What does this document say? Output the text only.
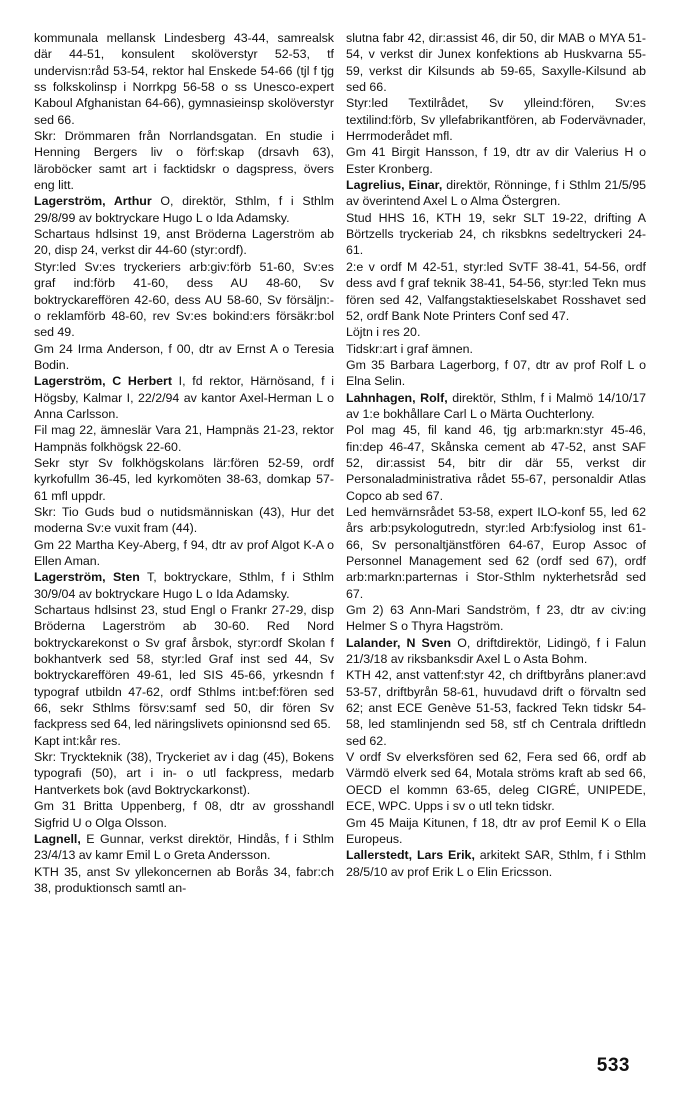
kommunala mellansk Lindesberg 43-44, samrealsk där 44-51, konsulent skolöverstyr 52-53, tf undervisn:råd 53-54, rektor hal Enskede 54-66 (tjl f tjg ss folkskolinsp i Norrkpg 56-58 o ss Unesco-expert Kaboul Afghanistan 64-66), gymnasieinsp skolöverstyr sed 66.

Skr: Drömmaren från Norrlandsgatan. En studie i Henning Bergers liv o förf:skap (drsavh 63), läroböcker samt art i facktidskr o dagspress, övers eng litt.

Lagerström, Arthur O, direktör, Sthlm, f i Sthlm 29/8/99 av boktryckare Hugo L o Ida Adamsky.

Schartaus hdlsinst 19, anst Bröderna Lagerström ab 20, disp 24, verkst dir 44-60 (styr:ordf).

Styr:led Sv:es tryckeriers arb:giv:förb 51-60, Sv:es graf ind:förb 41-60, dess AU 48-60, Sv boktryckareffören 42-60, dess AU 58-60, Sv försäljn:- o reklamförb 48-60, rev Sv:es bokind:ers försäkr:bol sed 49.

Gm 24 Irma Anderson, f 00, dtr av Ernst A o Teresia Bodin.

Lagerström, C Herbert I, fd rektor, Härnösand, f i Högsby, Kalmar I, 22/2/94 av kantor Axel-Herman L o Anna Carlsson.

Fil mag 22, ämneslär Vara 21, Hampnäs 21-23, rektor Hampnäs folkhögsk 22-60.

Sekr styr Sv folkhögskolans lär:fören 52-59, ordf kyrkofullm 36-45, led kyrkomöten 38-63, domkap 57-61 mfl uppdr.

Skr: Tio Guds bud o nutidsmänniskan (43), Hur det moderna Sv:e vuxit fram (44).

Gm 22 Martha Key-Aberg, f 94, dtr av prof Algot K-A o Ellen Aman.

Lagerström, Sten T, boktryckare, Sthlm, f i Sthlm 30/9/04 av boktryckare Hugo L o Ida Adamsky.

Schartaus hdlsinst 23, stud Engl o Frankr 27-29, disp Bröderna Lagerström ab 30-60. Red Nord boktryckarekonst o Sv graf årsbok, styr:ordf Skolan f bokhantverk sed 58, styr:led Graf inst sed 44, Sv boktryckareffören 49-61, led SIS 45-66, yrkesndn f typograf utbildn 47-62, ordf Sthlms int:bef:fören sed 66, sekr Sthlms försv:samf sed 50, dir fören Sv fackpress sed 64, led näringslivets opinionsnd sed 65.

Kapt int:kår res.

Skr: Tryckteknik (38), Tryckeriet av i dag (45), Bokens typografi (50), art i in- o utl fackpress, medarb Hantverkets bok (avd Boktryckarkonst).

Gm 31 Britta Uppenberg, f 08, dtr av grosshandl Sigfrid U o Olga Olsson.

Lagnell, E Gunnar, verkst direktör, Hindås, f i Sthlm 23/4/13 av kamr Emil L o Greta Andersson.

KTH 35, anst Sv yllekoncernen ab Borås 34, fabr:ch 38, produktionsch samtl an-

slutna fabr 42, dir:assist 46, dir 50, dir MAB o MYA 51-54, v verkst dir Junex konfektions ab Huskvarna 55-59, verkst dir Kilsunds ab 59-65, Saxylle-Kilsund ab sed 66.

Styr:led Textilrådet, Sv ylleind:fören, Sv:es textilind:förb, Sv yllefabrikantfören, ab Fodervävnader, Herrmoderådet mfl.

Gm 41 Birgit Hansson, f 19, dtr av dir Valerius H o Ester Kronberg.

Lagrelius, Einar, direktör, Rönninge, f i Sthlm 21/5/95 av överintend Axel L o Alma Östergren.

Stud HHS 16, KTH 19, sekr SLT 19-22, drifting A Börtzells tryckeriab 24, ch riksbkns sedeltryckeri 24-61.

2:e v ordf M 42-51, styr:led SvTF 38-41, 54-56, ordf dess avd f graf teknik 38-41, 54-56, styr:led Tekn mus fören sed 42, Valfangstaktieselskabet Rosshavet sed 52, ordf Bank Note Printers Conf sed 47.

Löjtn i res 20.

Tidskr:art i graf ämnen.

Gm 35 Barbara Lagerborg, f 07, dtr av prof Rolf L o Elna Selin.

Lahnhagen, Rolf, direktör, Sthlm, f i Malmö 14/10/17 av 1:e bokhållare Carl L o Märta Ouchterlony.

Pol mag 45, fil kand 46, tjg arb:markn:styr 45-46, fin:dep 46-47, Skånska cement ab 47-52, anst SAF 52, dir:assist 54, bitr dir där 55, verkst dir Personaladministrativa rådet 55-67, personaldir Atlas Copco ab sed 67.

Led hemvärnsrådet 53-58, expert ILO-konf 55, led 62 års arb:psykologutredn, styr:led Arb:fysiolog inst 61-66, Sv personaltjänstfören 64-67, Europ Assoc of Personnel Management sed 62 (ordf sed 67), ordf arb:markn:parternas i Stor-Sthlm nykterhetsråd sed 67.

Gm 2) 63 Ann-Mari Sandström, f 23, dtr av civ:ing Helmer S o Thyra Hagström.

Lalander, N Sven O, driftdirektör, Lidingö, f i Falun 21/3/18 av riksbanksdir Axel L o Asta Bohm.

KTH 42, anst vattenf:styr 42, ch driftbyråns planer:avd 53-57, driftbyrån 58-61, huvudavd drift o förvaltn sed 62; anst ECE Genève 51-53, fackred Tekn tidskr 54-58, led stamlinjendn sed 58, stf ch Centrala driftledn sed 62.

V ordf Sv elverksfören sed 62, Fera sed 66, ordf ab Värmdö elverk sed 64, Motala ströms kraft ab sed 66, OECD el kommn 63-65, deleg CIGRÉ, UNIPEDE, ECE, WPC. Upps i sv o utl tekn tidskr.

Gm 45 Maija Kitunen, f 18, dtr av prof Eemil K o Ella Europeus.

Lallerstedt, Lars Erik, arkitekt SAR, Sthlm, f i Sthlm 28/5/10 av prof Erik L o Elin Ericsson.

533
